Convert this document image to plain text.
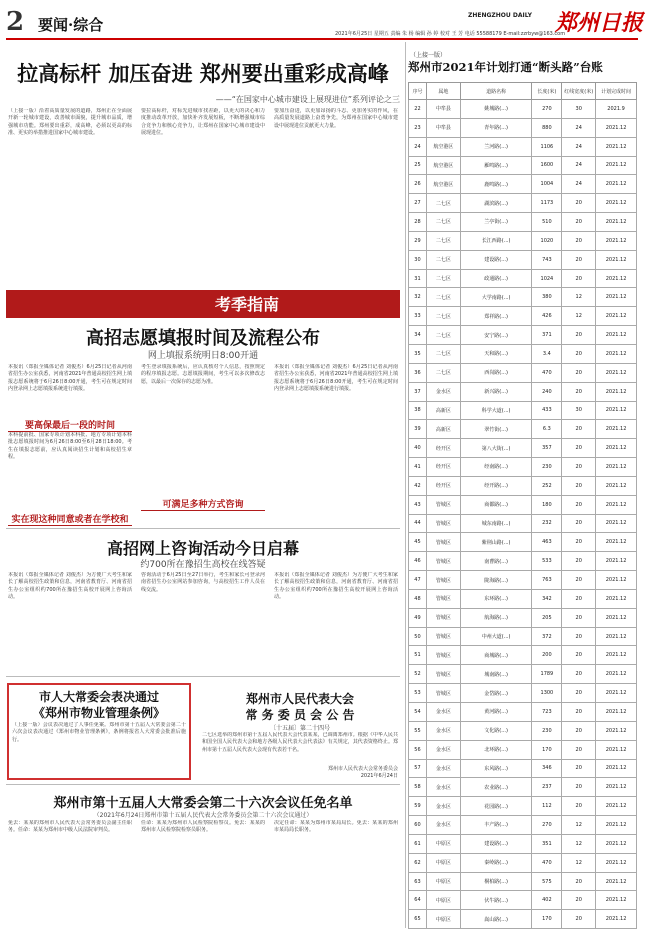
2 要闻·综合
ZHENGZHOU DAILY
2021年6月25日 星期五 责编 朱 杨 编辑 孙 婷 校对 王 芳 电话 55588179 E-mail:zzrbyw@163.com
郑州日报
拉高标杆 加压奋进 郑州要出重彩成高峰
——“在国家中心城市建设上展现进位”系列评论之三
（上接一版）沿着高质量发展的道路，郑州正在全面展开新一轮城市建设，改善城市面貌，提升城市品质，增强城市功能。郑州要出重彩，成高峰，必须以更高的标准、更实的举措推进国家中心城市建设。
要拉高标杆，对标先进城市找差距，以更大的决心和力度推动改革开放，加快补齐发展短板，不断增强城市综合竞争力和核心竞争力，让郑州在国家中心城市建设中展现进位。
要加压奋进，以更加昂扬的斗志、更加务实的作风，在高质量发展道路上奋勇争先，为郑州在国家中心城市建设中展现进位贡献更大力量。
考季指南
高招志愿填报时间及流程公布
网上填报系统明日8:00开通
本报讯（郑报全媒体记者 刘俊杰）6月25日记者从河南省招生办公室获悉，河南省2021年普通高校招生网上填报志愿系统将于6月26日8:00开通，考生可在规定时间内登录网上志愿填报系统进行填报。
要高保最后一段的时间
本科提前批、国家专项计划本科批、地方专项计划本科批志愿填报时间为6月26日8:00至6月28日18:00。考生在填报志愿前，应认真阅读招生计划和高校招生章程。
实在现这种同意或者在学校和
考生登录填报系统后，应认真核对个人信息，按照规定的程序填报志愿。志愿填报期间，考生可以多次修改志愿，以最后一次保存的志愿为准。
可满足多种方式咨询
本报讯（郑报全媒体记者 刘俊杰）6月25日记者从河南省招生办公室获悉，河南省2021年普通高校招生网上填报志愿系统将于6月26日8:00开通，考生可在规定时间内登录网上志愿填报系统进行填报。
高招网上咨询活动今日启幕
约700所在豫招生高校在线答疑
本报讯（郑报全媒体记者 刘俊杰）为方便广大考生和家长了解高校招生政策和信息，河南省教育厅、河南省招生办公室组织约700所在豫招生高校开展网上咨询活动。
咨询活动于6月25日至27日举行，考生和家长可登录河南省招生办公室网站参加咨询，与高校招生工作人员在线交流。
本报讯（郑报全媒体记者 刘俊杰）为方便广大考生和家长了解高校招生政策和信息，河南省教育厅、河南省招生办公室组织约700所在豫招生高校开展网上咨询活动。
市人大常委会表决通过
《郑州市物业管理条例》
（上接一版）会议表决通过了人事任免案。郑州市第十五届人大常委会第二十六次会议表决通过《郑州市物业管理条例》，条例将报省人大常委会批准后施行。
郑州市人民代表大会
常 务 委 员 会 公 告
〔十五届〕第二十四号
二七区选举的郑州市第十五届人民代表大会代表某某，已调离郑州市。根据《中华人民共和国全国人民代表大会和地方各级人民代表大会代表法》有关规定，其代表资格终止。郑州市第十五届人民代表大会现有代表若干名。
郑州市人民代表大会常务委员会
2021年6月24日
郑州市第十五届人大常委会第二十六次会议任免名单
（2021年6月24日郑州市第十五届人民代表大会常务委员会第二十六次会议通过）
免去：某某的郑州市人民代表大会常务委员会副主任职务。任命：某某为郑州市中级人民法院审判员。
任命：某某为郑州市人民检察院检察员。免去：某某的郑州市人民检察院检察员职务。
决定任命：某某为郑州市某局局长。免去：某某的郑州市某局局长职务。
（上接一版）
郑州市2021年计划打通“断头路”台账
序号	属地	道路名称	长度(米)	红线宽度(米)	计划完成时间
22	中牟县	姚城路(...)	270	30	2021.9
23	中牟县	青年路(...)	880	24	2021.12
24	航空港区	兰河路(...)	1106	24	2021.12
25	航空港区	雁鸣路(...)	1600	24	2021.12
26	航空港区	鹿鸣路(...)	1004	24	2021.12
27	二七区	湖滨路(...)	1173	20	2021.12
28	二七区	兰亭街(...)	510	20	2021.12
29	二七区	长江西路(...)	1020	20	2021.12
30	二七区	建设路(...)	743	20	2021.12
31	二七区	政通路(...)	1024	20	2021.12
32	二七区	大学南路(...)	380	12	2021.12
33	二七区	郑祥路(...)	426	12	2021.12
34	二七区	安宁路(...)	371	20	2021.12
35	二七区	天和路(...)	3.4	20	2021.12
36	二七区	西岗路(...)	470	20	2021.12
37	金水区	新兴路(...)	240	20	2021.12
38	高新区	科学大道(...)	433	30	2021.12
39	高新区	翠竹街(...)	6.3	20	2021.12
40	经开区	第八大街(...)	357	20	2021.12
41	经开区	经南路(...)	230	20	2021.12
42	经开区	经开路(...)	252	20	2021.12
43	管城区	商都路(...)	180	20	2021.12
44	管城区	城东南路(...)	232	20	2021.12
45	管城区	紫荆山路(...)	463	20	2021.12
46	管城区	南曹路(...)	533	20	2021.12
47	管城区	陇海路(...)	763	20	2021.12
48	管城区	东环路(...)	342	20	2021.12
49	管城区	航海路(...)	205	20	2021.12
50	管城区	中州大道(...)	372	20	2021.12
51	管城区	商城路(...)	200	20	2021.12
52	管城区	城南路(...)	1789	20	2021.12
53	管城区	金岱路(...)	1300	20	2021.12
54	金水区	黄河路(...)	723	20	2021.12
55	金水区	文化路(...)	230	20	2021.12
56	金水区	北环路(...)	170	20	2021.12
57	金水区	东风路(...)	346	20	2021.12
58	金水区	农业路(...)	237	20	2021.12
59	金水区	花园路(...)	112	20	2021.12
60	金水区	丰产路(...)	270	12	2021.12
61	中原区	建设路(...)	351	12	2021.12
62	中原区	秦岭路(...)	470	12	2021.12
63	中原区	桐柏路(...)	575	20	2021.12
64	中原区	伏牛路(...)	402	20	2021.12
65	中原区	嵩山路(...)	170	20	2021.12
